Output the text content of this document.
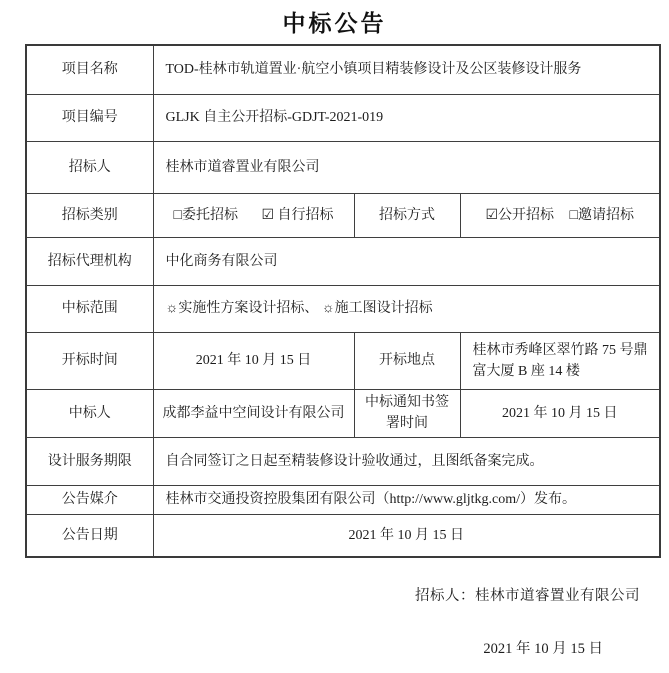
中标公告
项目名称	TOD-桂林市轨道置业·航空小镇项目精装修设计及公区装修设计服务		
项目编号	GLJK 自主公开招标-GDJT-2021-019		
招标人	桂林市道睿置业有限公司		
招标类别	□委托招标 ☑ 自行招标	招标方式	☑公开招标 □邀请招标
招标代理机构	中化商务有限公司		
中标范围	☼实施性方案设计招标、 ☼施工图设计招标		
开标时间	2021 年 10 月 15 日	开标地点	桂林市秀峰区翠竹路 75 号鼎富大厦 B 座 14 楼
中标人	成都李益中空间设计有限公司	中标通知书签署时间	2021 年 10 月 15 日
设计服务期限	自合同签订之日起至精装修设计验收通过，且图纸备案完成。		
公告媒介	桂林市交通投资控股集团有限公司（http://www.gljtkg.com/）发布。		
公告日期	2021 年 10 月 15 日		
招标人：桂林市道睿置业有限公司
2021 年 10 月 15 日
